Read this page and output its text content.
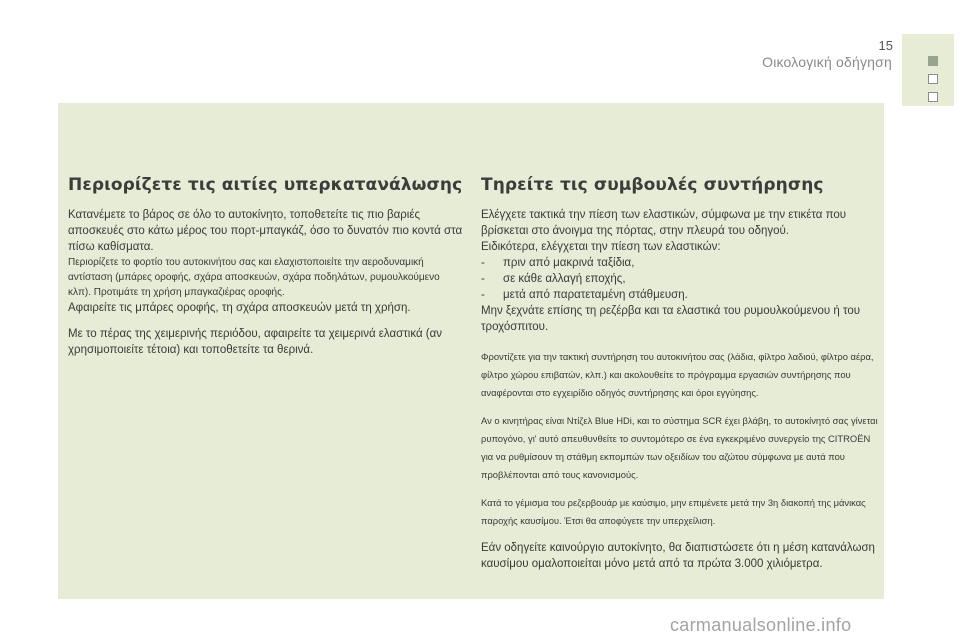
15
Οικολογική οδήγηση
Περιορίζετε τις αιτίες υπερκατανάλωσης

Κατανέμετε το βάρος σε όλο το αυτοκίνητο, τοποθετείτε τις πιο βαριές αποσκευές στο κάτω μέρος του πορτ-μπαγκάζ, όσο το δυνατόν πιο κοντά στα πίσω καθίσματα.

Περιορίζετε το φορτίο του αυτοκινήτου σας και ελαχιστοποιείτε την αεροδυναμική αντίσταση (μπάρες οροφής, σχάρα αποσκευών, σχάρα ποδηλάτων, ρυμουλκούμενο κλπ). Προτιμάτε τη χρήση μπαγκαζιέρας οροφής.

Αφαιρείτε τις μπάρες οροφής, τη σχάρα αποσκευών μετά τη χρήση.

Με το πέρας της χειμερινής περιόδου, αφαιρείτε τα χειμερινά ελαστικά (αν χρησιμοποιείτε τέτοια) και τοποθετείτε τα θερινά.

Τηρείτε τις συμβουλές συντήρησης

Ελέγχετε τακτικά την πίεση των ελαστικών, σύμφωνα με την ετικέτα που βρίσκεται στο άνοιγμα της πόρτας, στην πλευρά του οδηγού.

Ειδικότερα, ελέγχεται την πίεση των ελαστικών:

- πριν από μακρινά ταξίδια,
- σε κάθε αλλαγή εποχής,
- μετά από παρατεταμένη στάθμευση.

Μην ξεχνάτε επίσης τη ρεζέρβα και τα ελαστικά του ρυμουλκούμενου ή του τροχόσπιτου.

Φροντίζετε για την τακτική συντήρηση του αυτοκινήτου σας (λάδια, φίλτρο λαδιού, φίλτρο αέρα, φίλτρο χώρου επιβατών, κλπ.) και ακολουθείτε το πρόγραμμα εργασιών συντήρησης που αναφέρονται στο εγχειρίδιο οδηγός συντήρησης και όροι εγγύησης.

Αν ο κινητήρας είναι Ντίζελ Blue HDi, και το σύστημα SCR έχει βλάβη, το αυτοκίνητό σας γίνεται ρυπογόνο, γι' αυτό απευθυνθείτε το συντομότερο σε ένα εγκεκριμένο συνεργείο της CITROËN για να ρυθμίσουν τη στάθμη εκπομπών των οξειδίων του αζώτου σύμφωνα με αυτά που προβλέπονται από τους κανονισμούς.

Κατά το γέμισμα του ρεζερβουάρ με καύσιμο, μην επιμένετε μετά την 3η διακοπή της μάνικας παροχής καυσίμου. Έτσι θα αποφύγετε την υπερχείλιση.

Εάν οδηγείτε καινούργιο αυτοκίνητο, θα διαπιστώσετε ότι η μέση κατανάλωση καυσίμου ομαλοποιείται μόνο μετά από τα πρώτα 3.000 χιλιόμετρα.

carmanualsonline.info
